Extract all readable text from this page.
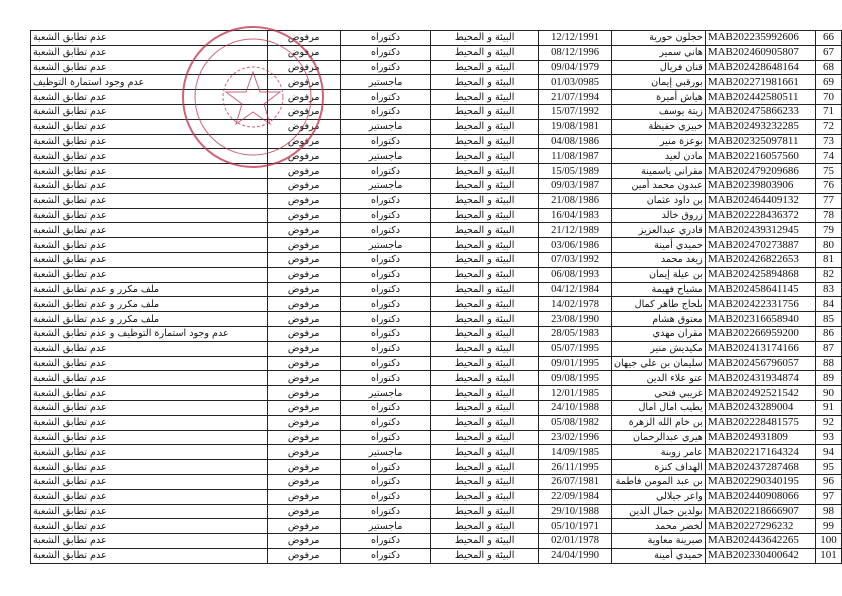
عدم تطابق الشعبة	مرفوض	دكتوراه	البيئة و المحيط	12/12/1991	حجلون حورية	MAB202235992606	66
عدم تطابق الشعبة	مرفوض	دكتوراه	البيئة و المحيط	08/12/1996	هاني سمير	MAB202460905807	67
عدم تطابق الشعبة	مرفوض	دكتوراه	البيئة و المحيط	09/04/1979	قنان فريال	MAB202428648164	68
عدم وجود استمارة التوظيف	مرفوض	ماجستير	البيئة و المحيط	01/03/0985	بورقبي إيمان	MAB202271981661	69
عدم تطابق الشعبة	مرفوض	دكتوراه	البيئة و المحيط	21/07/1994	هياش أميرة	MAB202442580511	70
عدم تطابق الشعبة	مرفوض	دكتوراه	البيئة و المحيط	15/07/1992	زيتة يوسف	MAB202475866233	71
عدم تطابق الشعبة	مرفوض	ماجستير	البيئة و المحيط	19/08/1981	خبيزي حفيظة	MAB202493232285	72
عدم تطابق الشعبة	مرفوض	دكتوراه	البيئة و المحيط	04/08/1986	بوعزة منير	MAB202325097811	73
عدم تطابق الشعبة	مرفوض	ماجستير	البيئة و المحيط	11/08/1987	مادن لعيد	MAB202216057560	74
عدم تطابق الشعبة	مرفوض	دكتوراه	البيئة و المحيط	15/05/1989	مقراني ياسمينة	MAB202479209686	75
عدم تطابق الشعبة	مرفوض	ماجستير	البيئة و المحيط	09/03/1987	عبدون محمد أمين	MAB20239803906	76
عدم تطابق الشعبة	مرفوض	دكتوراه	البيئة و المحيط	21/08/1986	بن داود عثمان	MAB202464409132	77
عدم تطابق الشعبة	مرفوض	دكتوراه	البيئة و المحيط	16/04/1983	زروق خالد	MAB202228436372	78
عدم تطابق الشعبة	مرفوض	دكتوراه	البيئة و المحيط	21/12/1989	قادري عبدالعزيز	MAB202439312945	79
عدم تطابق الشعبة	مرفوض	ماجستير	البيئة و المحيط	03/06/1986	حميدي أمينة	MAB202470273887	80
عدم تطابق الشعبة	مرفوض	دكتوراه	البيئة و المحيط	07/03/1992	زيغد محمد	MAB202426822653	81
عدم تطابق الشعبة	مرفوض	دكتوراه	البيئة و المحيط	06/08/1993	بن عيلة إيمان	MAB202425894868	82
ملف مكرر و عدم تطابق الشعبة	مرفوض	دكتوراه	البيئة و المحيط	04/12/1984	مشياح فهيمة	MAB202458641145	83
ملف مكرر و عدم تطابق الشعبة	مرفوض	دكتوراه	البيئة و المحيط	14/02/1978	بلحاج طاهر كمال	MAB202422331756	84
ملف مكرر و عدم تطابق الشعبة	مرفوض	دكتوراه	البيئة و المحيط	23/08/1990	معتوق هشام	MAB202316658940	85
عدم وجود استمارة التوظيف و عدم تطابق الشعبة	مرفوض	دكتوراه	البيئة و المحيط	28/05/1983	مقران مهدي	MAB202266959200	86
عدم تطابق الشعبة	مرفوض	دكتوراه	البيئة و المحيط	05/07/1995	مكيديش منير	MAB202413174166	87
عدم تطابق الشعبة	مرفوض	دكتوراه	البيئة و المحيط	09/01/1995	سليمان بن علي جيهان	MAB202456796057	88
عدم تطابق الشعبة	مرفوض	دكتوراه	البيئة و المحيط	09/08/1995	عتو علاء الدين	MAB202431934874	89
عدم تطابق الشعبة	مرفوض	ماجستير	البيئة و المحيط	12/01/1985	غريبي فتحي	MAB202492521542	90
عدم تطابق الشعبة	مرفوض	دكتوراه	البيئة و المحيط	24/10/1988	يطيب امال امال	MAB20243289004	91
عدم تطابق الشعبة	مرفوض	دكتوراه	البيئة و المحيط	05/08/1982	بن خام الله الزهرة	MAB202228481575	92
عدم تطابق الشعبة	مرفوض	دكتوراه	البيئة و المحيط	23/02/1996	هيري عبدالرحمان	MAB2024931809	93
عدم تطابق الشعبة	مرفوض	ماجستير	البيئة و المحيط	14/09/1985	عامر زوبنة	MAB202217164324	94
عدم تطابق الشعبة	مرفوض	دكتوراه	البيئة و المحيط	26/11/1995	الهداف كنزة	MAB202437287468	95
عدم تطابق الشعبة	مرفوض	دكتوراه	البيئة و المحيط	26/07/1981	بن عبد المومن فاطمة	MAB202290340195	96
عدم تطابق الشعبة	مرفوض	دكتوراه	البيئة و المحيط	22/09/1984	واعر جيلالي	MAB202440908066	97
عدم تطابق الشعبة	مرفوض	دكتوراه	البيئة و المحيط	29/10/1988	بولدين جمال الدين	MAB202218666907	98
عدم تطابق الشعبة	مرفوض	ماجستير	البيئة و المحيط	05/10/1971	لخضر محمد	MAB20227296232	99
عدم تطابق الشعبة	مرفوض	دكتوراه	البيئة و المحيط	02/01/1978	صبرينة معاوية	MAB202443642265	100
عدم تطابق الشعبة	مرفوض	دكتوراه	البيئة و المحيط	24/04/1990	حميدي أمينة	MAB202330400642	101
